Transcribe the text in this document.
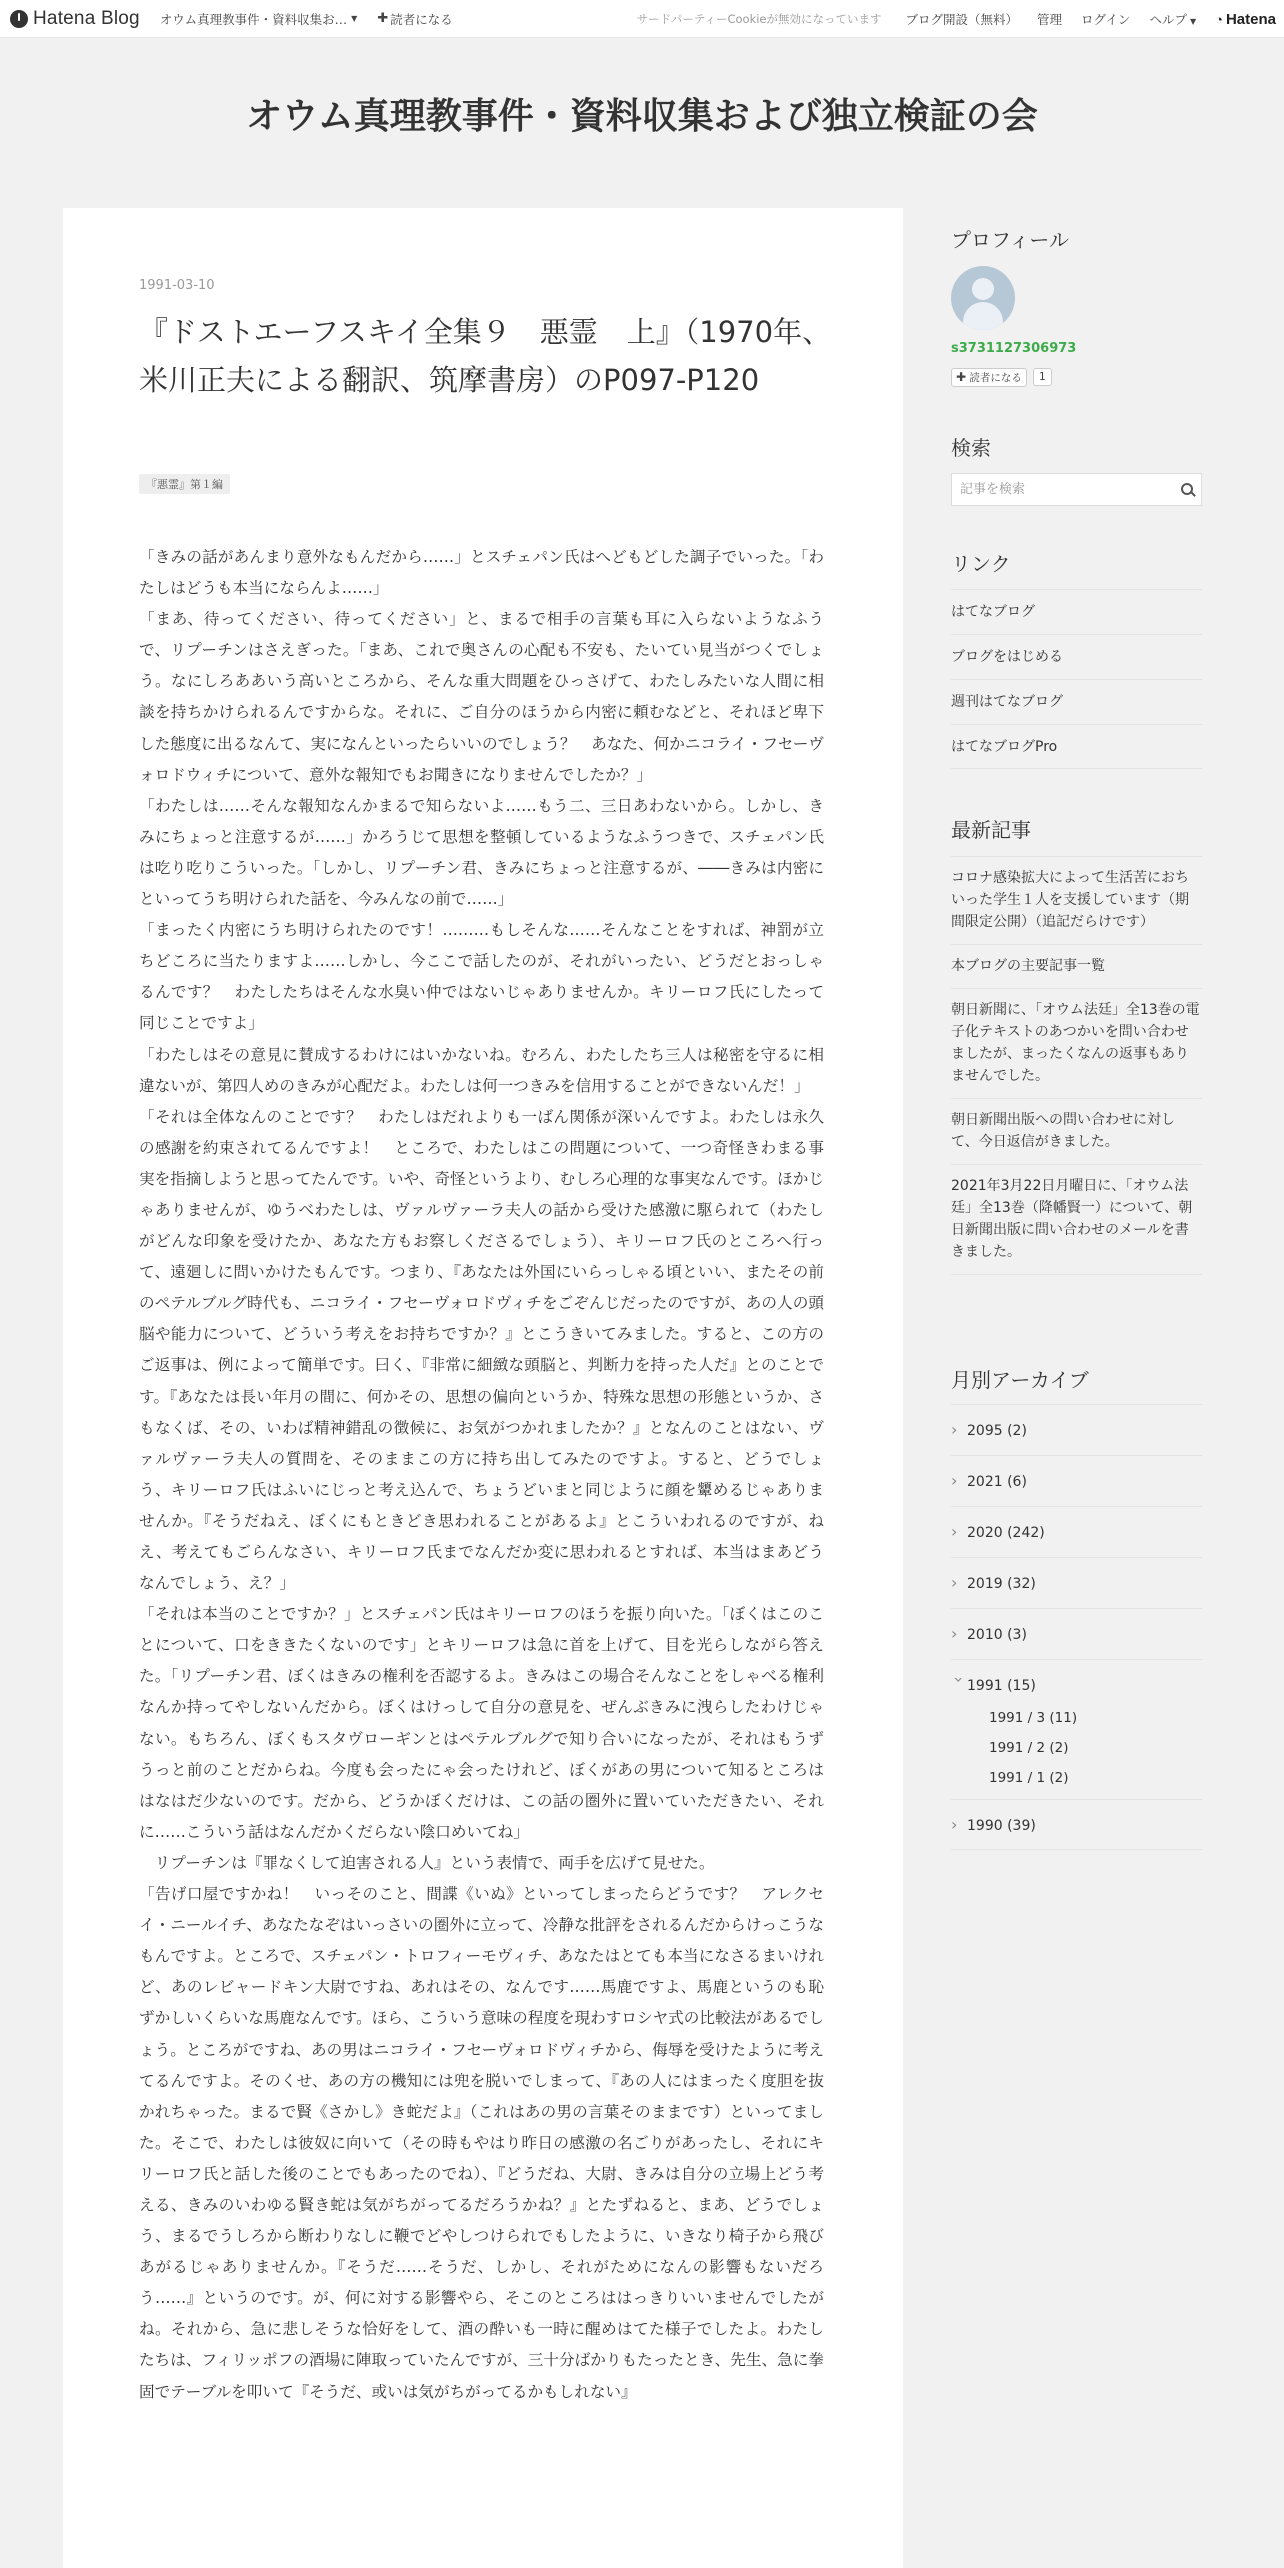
Hatena Blog オウム真理教事件・資料収集お… ▼ ✚ 読者になる	サードパーティーCookieが無効になっています ブログ開設（無料） 管理 ログイン ヘルプ ▼ ◔ Hatena
オウム真理教事件・資料収集および独立検証の会
1991-03-10
『ドストエーフスキイ全集９　悪霊　上』（1970年、米川正夫による翻訳、筑摩書房）のP097-P120
『悪霊』第１編

「きみの話があんまり意外なもんだから……」とスチェパン氏はへどもどした調子でいった。「わたしはどうも本当にならんよ……」

「まあ、待ってください、待ってください」と、まるで相手の言葉も耳に入らないようなふうで、リプーチンはさえぎった。「まあ、これで奥さんの心配も不安も、たいてい見当がつくでしょう。なにしろああいう高いところから、そんな重大問題をひっさげて、わたしみたいな人間に相談を持ちかけられるんですからな。それに、ご自分のほうから内密に頼むなどと、それほど卑下した態度に出るなんて、実になんといったらいいのでしょう？　あなた、何かニコライ・フセーヴォロドウィチについて、意外な報知でもお聞きになりませんでしたか？」

「わたしは……そんな報知なんかまるで知らないよ……もう二、三日あわないから。しかし、きみにちょっと注意するが……」かろうじて思想を整頓しているようなふうつきで、スチェパン氏は吃り吃りこういった。「しかし、リプーチン君、きみにちょっと注意するが、――きみは内密にといってうち明けられた話を、今みんなの前で……」

「まったく内密にうち明けられたのです！………もしそんな……そんなことをすれば、神罰が立ちどころに当たりますよ……しかし、今ここで話したのが、それがいったい、どうだとおっしゃるんです？　わたしたちはそんな水臭い仲ではないじゃありませんか。キリーロフ氏にしたって同じことですよ」

「わたしはその意見に賛成するわけにはいかないね。むろん、わたしたち三人は秘密を守るに相違ないが、第四人めのきみが心配だよ。わたしは何一つきみを信用することができないんだ！」

「それは全体なんのことです？　わたしはだれよりも一ばん関係が深いんですよ。わたしは永久の感謝を約束されてるんですよ！　ところで、わたしはこの問題について、一つ奇怪きわまる事実を指摘しようと思ってたんです。いや、奇怪というより、むしろ心理的な事実なんです。ほかじゃありませんが、ゆうべわたしは、ヴァルヴァーラ夫人の話から受けた感激に駆られて（わたしがどんな印象を受けたか、あなた方もお察しくださるでしょう）、キリーロフ氏のところへ行って、遠廻しに問いかけたもんです。つまり、『あなたは外国にいらっしゃる頃といい、またその前のペテルブルグ時代も、ニコライ・フセーヴォロドヴィチをごぞんじだったのですが、あの人の頭脳や能力について、どういう考えをお持ちですか？』とこうきいてみました。すると、この方のご返事は、例によって簡単です。曰く、『非常に細緻な頭脳と、判断力を持った人だ』とのことです。『あなたは長い年月の間に、何かその、思想の偏向というか、特殊な思想の形態というか、さもなくば、その、いわば精神錯乱の徴候に、お気がつかれましたか？』となんのことはない、ヴァルヴァーラ夫人の質問を、そのままこの方に持ち出してみたのですよ。すると、どうでしょう、キリーロフ氏はふいにじっと考え込んで、ちょうどいまと同じように顔を顰めるじゃありませんか。『そうだねえ、ぼくにもときどき思われることがあるよ』とこういわれるのですが、ねえ、考えてもごらんなさい、キリーロフ氏までなんだか変に思われるとすれば、本当はまあどうなんでしょう、え？」

「それは本当のことですか？」とスチェパン氏はキリーロフのほうを振り向いた。「ぼくはこのことについて、口をききたくないのです」とキリーロフは急に首を上げて、目を光らしながら答えた。「リプーチン君、ぼくはきみの権利を否認するよ。きみはこの場合そんなことをしゃべる権利なんか持ってやしないんだから。ぼくはけっして自分の意見を、ぜんぶきみに洩らしたわけじゃない。もちろん、ぼくもスタヴローギンとはペテルブルグで知り合いになったが、それはもうずうっと前のことだからね。今度も会ったにゃ会ったけれど、ぼくがあの男について知るところははなはだ少ないのです。だから、どうかぼくだけは、この話の圏外に置いていただきたい、それに……こういう話はなんだかくだらない陰口めいてね」

リプーチンは『罪なくして迫害される人』という表情で、両手を広げて見せた。

「告げ口屋ですかね！　いっそのこと、間諜《いぬ》といってしまったらどうです？　アレクセイ・ニールイチ、あなたなぞはいっさいの圏外に立って、冷静な批評をされるんだからけっこうなもんですよ。ところで、スチェパン・トロフィーモヴィチ、あなたはとても本当になさるまいけれど、あのレビャードキン大尉ですね、あれはその、なんです……馬鹿ですよ、馬鹿というのも恥ずかしいくらいな馬鹿なんです。ほら、こういう意味の程度を現わすロシヤ式の比較法があるでしょう。ところがですね、あの男はニコライ・フセーヴォロドヴィチから、侮辱を受けたように考えてるんですよ。そのくせ、あの方の機知には兜を脱いでしまって、『あの人にはまったく度胆を抜かれちゃった。まるで賢《さかし》き蛇だよ』（これはあの男の言葉そのままです）といってました。そこで、わたしは彼奴に向いて（その時もやはり昨日の感激の名ごりがあったし、それにキリーロフ氏と話した後のことでもあったのでね）、『どうだね、大尉、きみは自分の立場上どう考える、きみのいわゆる賢き蛇は気がちがってるだろうかね？』とたずねると、まあ、どうでしょう、まるでうしろから断わりなしに鞭でどやしつけられでもしたように、いきなり椅子から飛びあがるじゃありませんか。『そうだ……そうだ、しかし、それがためになんの影響もないだろう……』というのです。が、何に対する影響やら、そこのところははっきりいいませんでしたがね。それから、急に悲しそうな恰好をして、酒の酔いも一時に醒めはてた様子でしたよ。わたしたちは、フィリッポフの酒場に陣取っていたんですが、三十分ばかりもたったとき、先生、急に拳固でテーブルを叩いて『そうだ、或いは気がちがってるかもしれない』

プロフィール
s3731127306973
✚ 読者になる	1
検索
記事を検索
リンク
はてなブログ
ブログをはじめる
週刊はてなブログ
はてなブログPro
最新記事
コロナ感染拡大によって生活苦におちいった学生１人を支援しています（期間限定公開）（追記だらけです）
本ブログの主要記事一覧
朝日新聞に、「オウム法廷」全13巻の電子化テキストのあつかいを問い合わせましたが、まったくなんの返事もありませんでした。
朝日新聞出版への問い合わせに対して、今日返信がきました。
2021年3月22日月曜日に、「オウム法廷」全13巻（降幡賢一）について、朝日新聞出版に問い合わせのメールを書きました。
月別アーカイブ
›2095 (2)
›2021 (6)
›2020 (242)
›2019 (32)
›2010 (3)
›1991 (15)
1991 / 3 (11)
1991 / 2 (2)
1991 / 1 (2)
›1990 (39)
